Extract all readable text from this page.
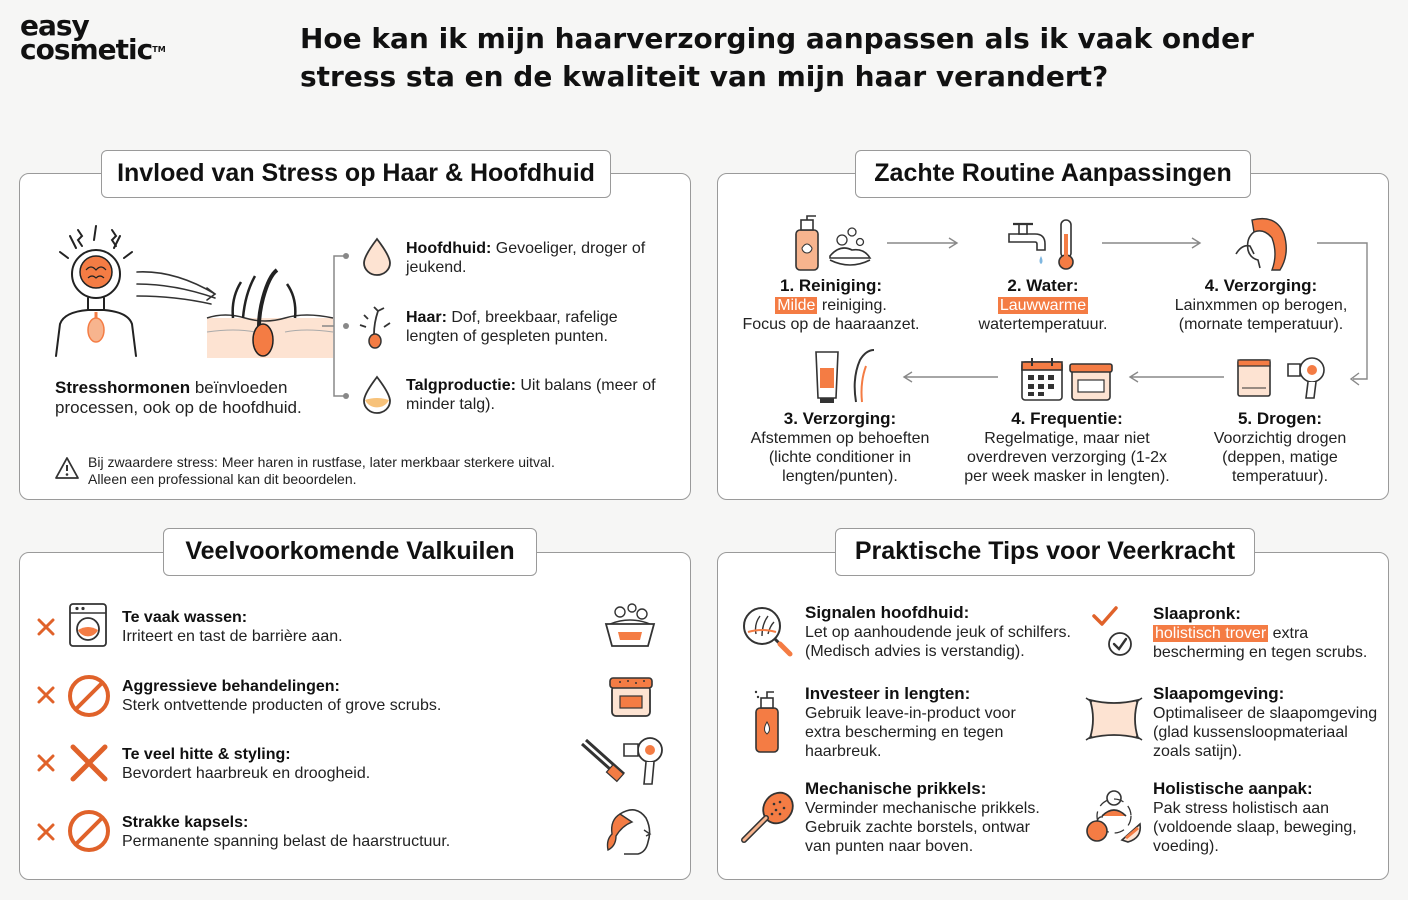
easy
cosmetic™	Hoe kan ik mijn haarverzorging aanpassen als ik vaak onder stress sta en de kwaliteit van mijn haar verandert?
Invloed van Stress op Haar & Hoofdhuid	Zachte Routine Aanpassingen
Veelvoorkomende Valkuilen	Praktische Tips voor Veerkracht
Stresshormonen beïnvloeden processen, ook op de hoofdhuid.
Hoofdhuid: Gevoeliger, droger of jeukend.
Haar: Dof, breekbaar, rafelige lengten of gespleten punten.
Talgproductie: Uit balans (meer of minder talg).
Bij zwaardere stress: Meer haren in rustfase, later merkbaar sterkere uitval.
Alleen een professional kan dit beoordelen.
1. Reiniging:
Milde reiniging.
Focus op de haaraanzet.
2. Water:
Lauwwarme
watertemperatuur.
4. Verzorging:
Lainxmmen op berogen,
(mornate temperatuur).
3. Verzorging:
Afstemmen op behoeften
(lichte conditioner in
lengten/punten).
4. Frequentie:
Regelmatige, maar niet
overdreven verzorging (1-2x
per week masker in lengten).
5. Drogen:
Voorzichtig drogen
(deppen, matige
temperatuur).
Te vaak wassen:
Irriteert en tast de barrière aan.
Aggressieve behandelingen:
Sterk ontvettende producten of grove scrubs.
Te veel hitte & styling:
Bevordert haarbreuk en droogheid.
Strakke kapsels:
Permanente spanning belast de haarstructuur.
Signalen hoofdhuid:
Let op aanhoudende jeuk of schilfers.
(Medisch advies is verstandig).
Investeer in lengten:
Gebruik leave-in-product voor
extra bescherming en tegen
haarbreuk.
Mechanische prikkels:
Verminder mechanische prikkels.
Gebruik zachte borstels, ontwar
van punten naar boven.
Slaapronk:
holistisch trover extra
bescherming en tegen scrubs.
Slaapomgeving:
Optimaliseer de slaapomgeving
(glad kussensloopmateriaal
zoals satijn).
Holistische aanpak:
Pak stress holistisch aan
(voldoende slaap, beweging,
voeding).
